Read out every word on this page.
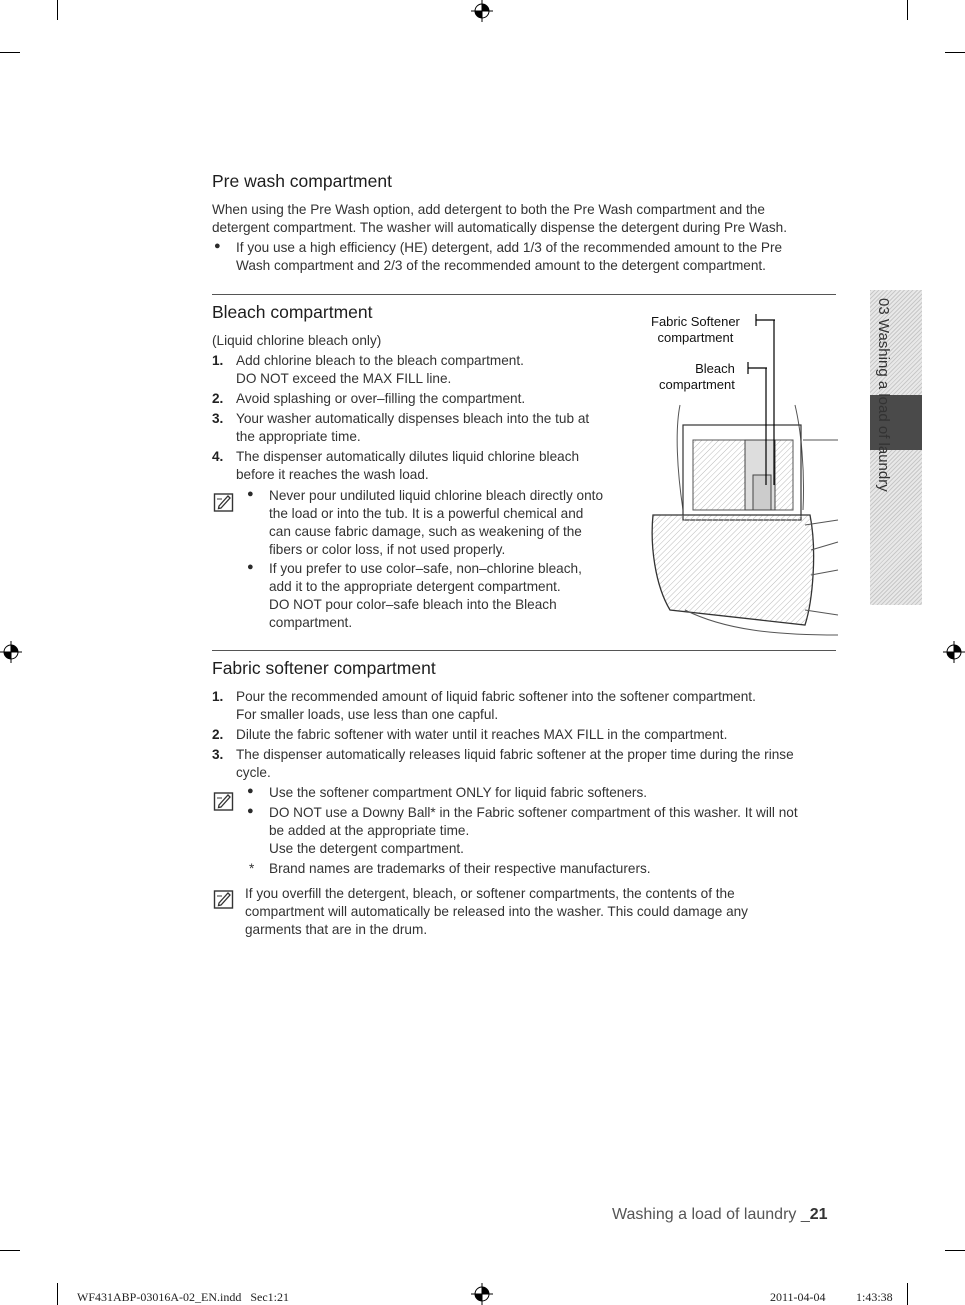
Pre wash compartment
When using the Pre Wash option, add detergent to both the Pre Wash compartment and the
detergent compartment. The washer will automatically dispense the detergent during Pre Wash.
● If you use a high efficiency (HE) detergent, add 1/3 of the recommended amount to the Pre
Wash compartment and 2/3 of the recommended amount to the detergent compartment.
Bleach compartment
(Liquid chlorine bleach only)
1. Add chlorine bleach to the bleach compartment.
DO NOT exceed the MAX FILL line.
2. Avoid splashing or over–filling the compartment.
3. Your washer automatically dispenses bleach into the tub at
the appropriate time.
4. The dispenser automatically dilutes liquid chlorine bleach
before it reaches the wash load.
● Never pour undiluted liquid chlorine bleach directly onto
the load or into the tub. It is a powerful chemical and
can cause fabric damage, such as weakening of the
fibers or color loss, if not used properly.
● If you prefer to use color–safe, non–chlorine bleach,
add it to the appropriate detergent compartment.
DO NOT pour color–safe bleach into the Bleach
compartment.
Fabric Softener
compartment
Bleach
compartment
Fabric softener compartment
1. Pour the recommended amount of liquid fabric softener into the softener compartment.
For smaller loads, use less than one capful.
2. Dilute the fabric softener with water until it reaches MAX FILL in the compartment.
3. The dispenser automatically releases liquid fabric softener at the proper time during the rinse
cycle.
● Use the softener compartment ONLY for liquid fabric softeners.
● DO NOT use a Downy Ball* in the Fabric softener compartment of this washer. It will not
be added at the appropriate time.
Use the detergent compartment.
* Brand names are trademarks of their respective manufacturers.
If you overfill the detergent, bleach, or softener compartments, the contents of the
compartment will automatically be released into the washer. This could damage any
garments that are in the drum.
03 Washing a load of laundry
Washing a load of laundry _21
WF431ABP-03016A-02_EN.indd   Sec1:21	2011-04-04	1:43:38
